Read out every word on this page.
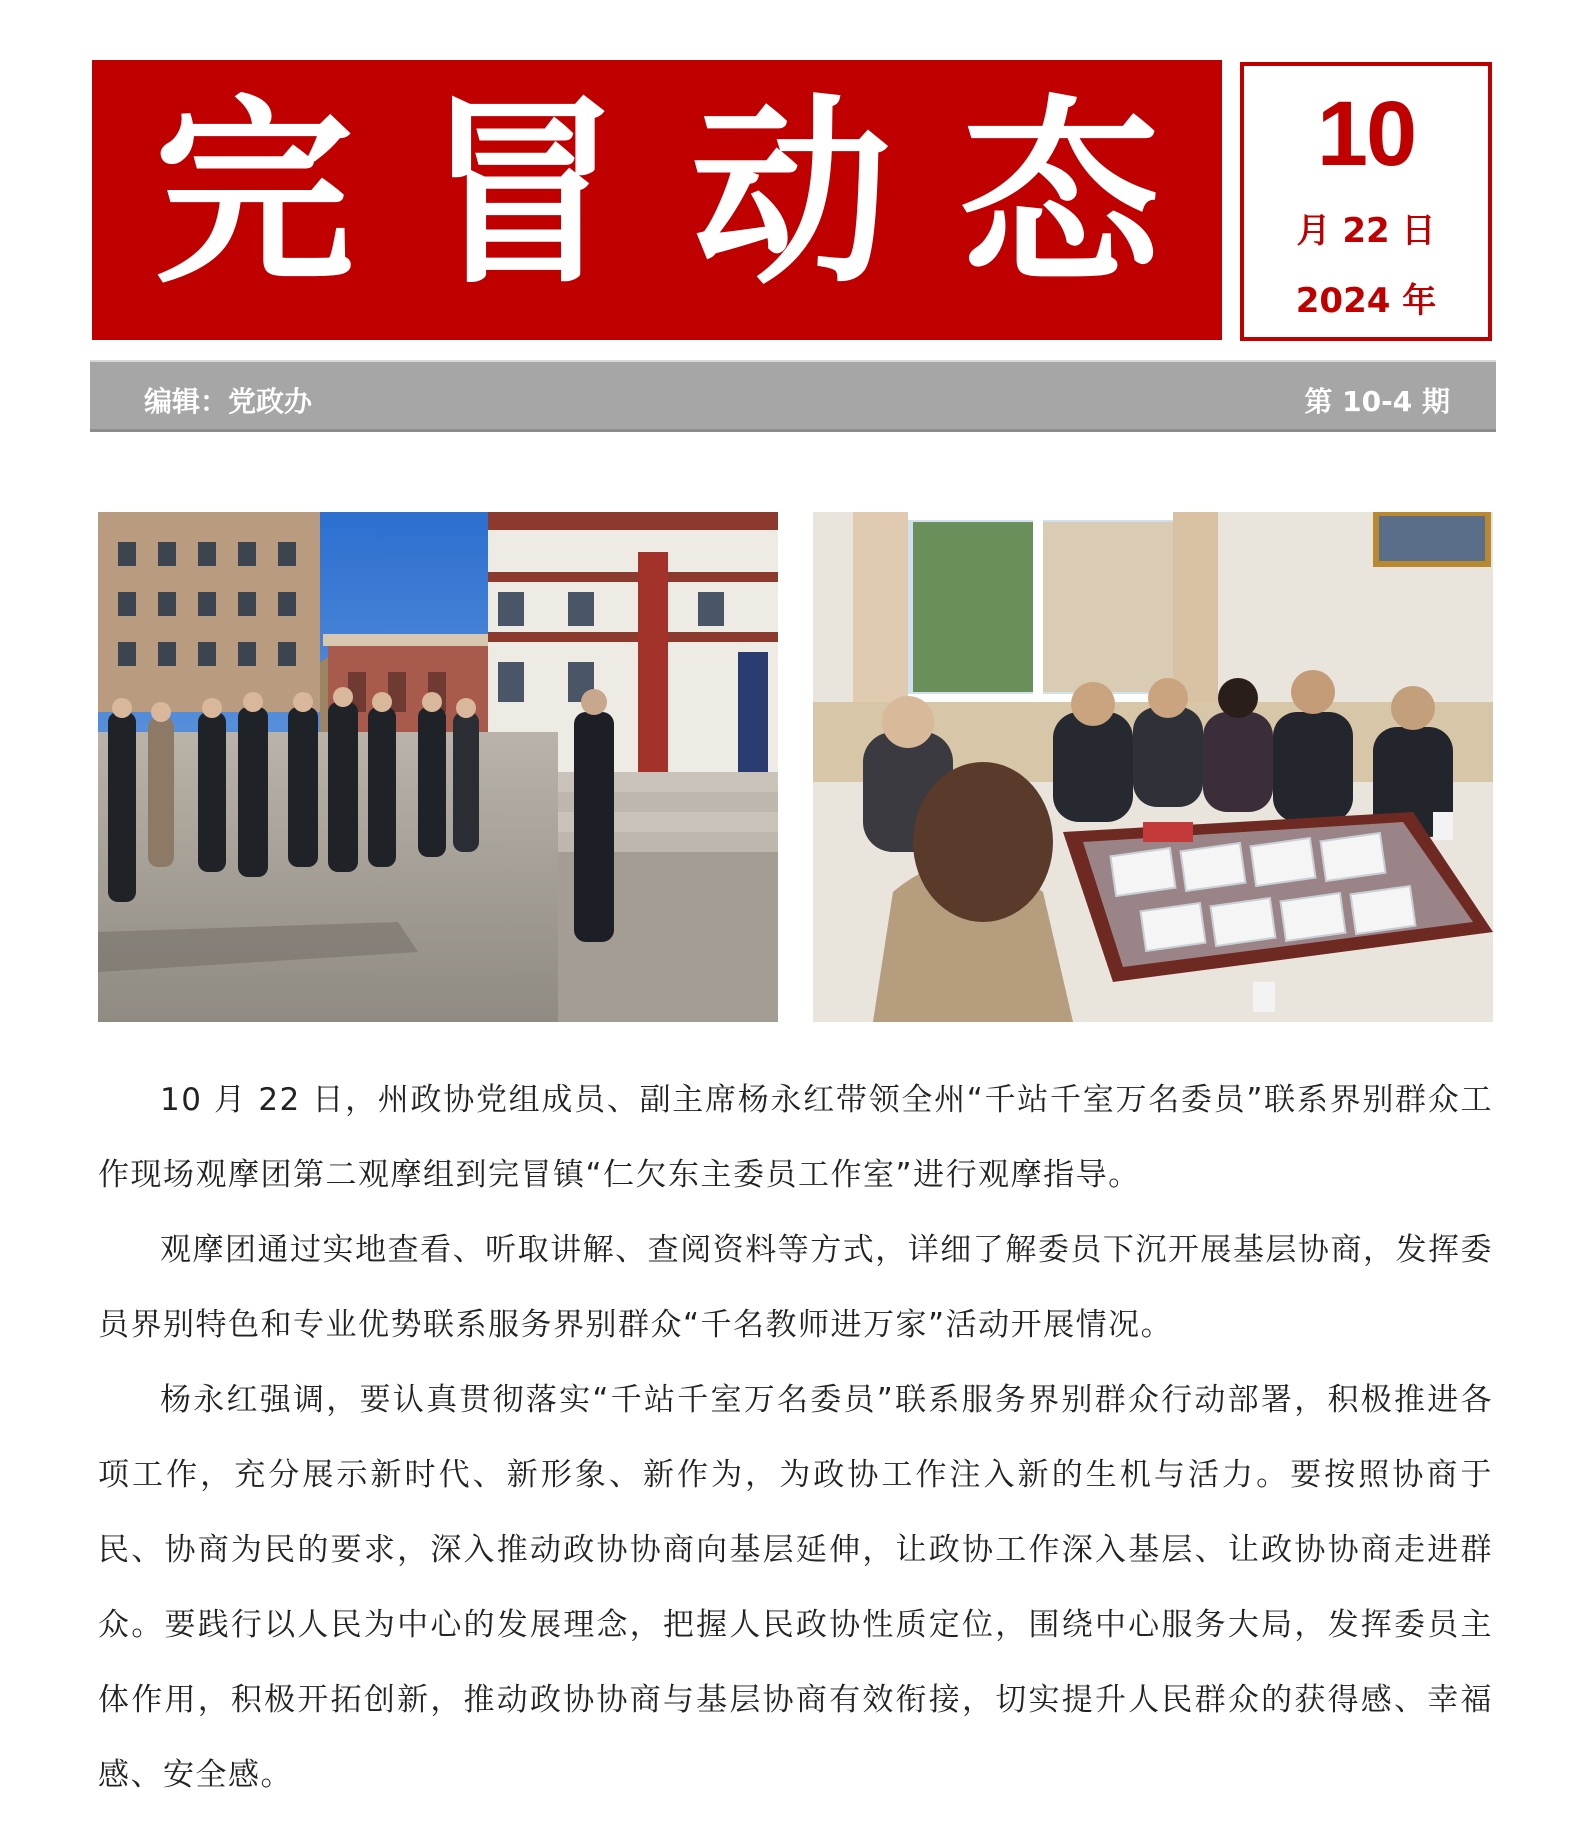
完 冒 动 态	10
月 22 日
2024 年
编辑：党政办	第 10-4 期

10 月 22 日，州政协党组成员、副主席杨永红带领全州“千站千室万名委员”联系界别群众工作现场观摩团第二观摩组到完冒镇“仁欠东主委员工作室”进行观摩指导。

观摩团通过实地查看、听取讲解、查阅资料等方式，详细了解委员下沉开展基层协商，发挥委员界别特色和专业优势联系服务界别群众“千名教师进万家”活动开展情况。

杨永红强调，要认真贯彻落实“千站千室万名委员”联系服务界别群众行动部署，积极推进各项工作，充分展示新时代、新形象、新作为，为政协工作注入新的生机与活力。要按照协商于民、协商为民的要求，深入推动政协协商向基层延伸，让政协工作深入基层、让政协协商走进群众。要践行以人民为中心的发展理念，把握人民政协性质定位，围绕中心服务大局，发挥委员主体作用，积极开拓创新，推动政协协商与基层协商有效衔接，切实提升人民群众的获得感、幸福感、安全感。
